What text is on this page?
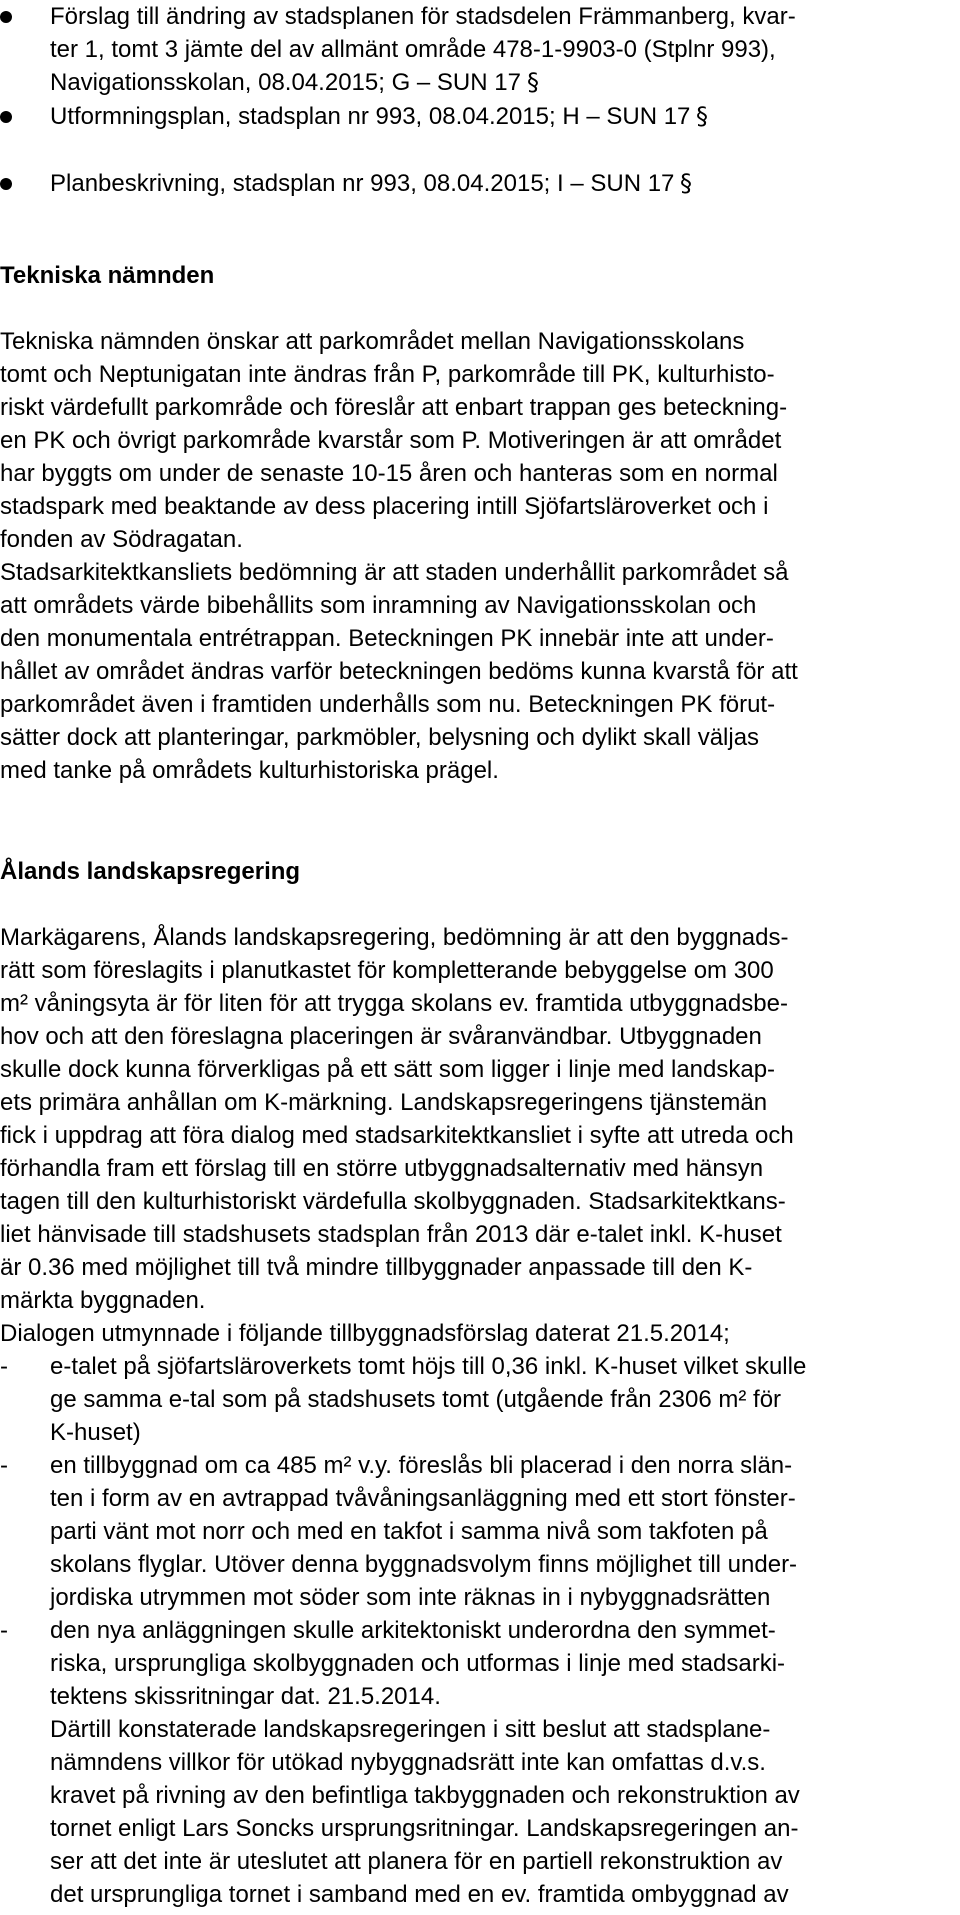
Förslag till ändring av stadsplanen för stadsdelen Främmanberg, kvar-
ter 1, tomt 3 jämte del av allmänt område 478-1-9903-0 (Stplnr 993),
Navigationsskolan, 08.04.2015; G – SUN 17 §
Utformningsplan, stadsplan nr 993, 08.04.2015; H – SUN 17 §
Planbeskrivning, stadsplan nr 993, 08.04.2015; I – SUN 17 §
Tekniska nämnden
Tekniska nämnden önskar att parkområdet mellan Navigationsskolans
tomt och Neptunigatan inte ändras från P, parkområde till PK, kulturhisto-
riskt värdefullt parkområde och föreslår att enbart trappan ges beteckning-
en PK och övrigt parkområde kvarstår som P. Motiveringen är att området
har byggts om under de senaste 10-15 åren och hanteras som en normal
stadspark med beaktande av dess placering intill Sjöfartsläroverket och i
fonden av Södragatan.
Stadsarkitektkansliets bedömning är att staden underhållit parkområdet så
att områdets värde bibehållits som inramning av Navigationsskolan och
den monumentala entrétrappan. Beteckningen PK innebär inte att under-
hållet av området ändras varför beteckningen bedöms kunna kvarstå för att
parkområdet även i framtiden underhålls som nu. Beteckningen PK förut-
sätter dock att planteringar, parkmöbler, belysning och dylikt skall väljas
med tanke på områdets kulturhistoriska prägel.
Ålands landskapsregering
Markägarens, Ålands landskapsregering, bedömning är att den byggnads-
rätt som föreslagits i planutkastet för kompletterande bebyggelse om 300
m² våningsyta är för liten för att trygga skolans ev. framtida utbyggnadsbe-
hov och att den föreslagna placeringen är svåranvändbar. Utbyggnaden
skulle dock kunna förverkligas på ett sätt som ligger i linje med landskap-
ets primära anhållan om K-märkning. Landskapsregeringens tjänstemän
fick i uppdrag att föra dialog med stadsarkitektkansliet i syfte att utreda och
förhandla fram ett förslag till en större utbyggnadsalternativ med hänsyn
tagen till den kulturhistoriskt värdefulla skolbyggnaden. Stadsarkitektkans-
liet hänvisade till stadshusets stadsplan från 2013 där e-talet inkl. K-huset
är 0.36 med möjlighet till två mindre tillbyggnader anpassade till den K-
märkta byggnaden.
Dialogen utmynnade i följande tillbyggnadsförslag daterat 21.5.2014;
- e-talet på sjöfartsläroverkets tomt höjs till 0,36 inkl. K-huset vilket skulle
ge samma e-tal som på stadshusets tomt (utgående från 2306 m² för
K-huset)
- en tillbyggnad om ca 485 m² v.y. föreslås bli placerad i den norra slän-
ten i form av en avtrappad tvåvåningsanläggning med ett stort fönster-
parti vänt mot norr och med en takfot i samma nivå som takfoten på
skolans flyglar. Utöver denna byggnadsvolym finns möjlighet till under-
jordiska utrymmen mot söder som inte räknas in i nybyggnadsrätten
- den nya anläggningen skulle arkitektoniskt underordna den symmet-
riska, ursprungliga skolbyggnaden och utformas i linje med stadsarki-
tektens skissritningar dat. 21.5.2014.
Därtill konstaterade landskapsregeringen i sitt beslut att stadsplane-
nämndens villkor för utökad nybyggnadsrätt inte kan omfattas d.v.s.
kravet på rivning av den befintliga takbyggnaden och rekonstruktion av
tornet enligt Lars Soncks ursprungsritningar. Landskapsregeringen an-
ser att det inte är uteslutet att planera för en partiell rekonstruktion av
det ursprungliga tornet i samband med en ev. framtida ombyggnad av
